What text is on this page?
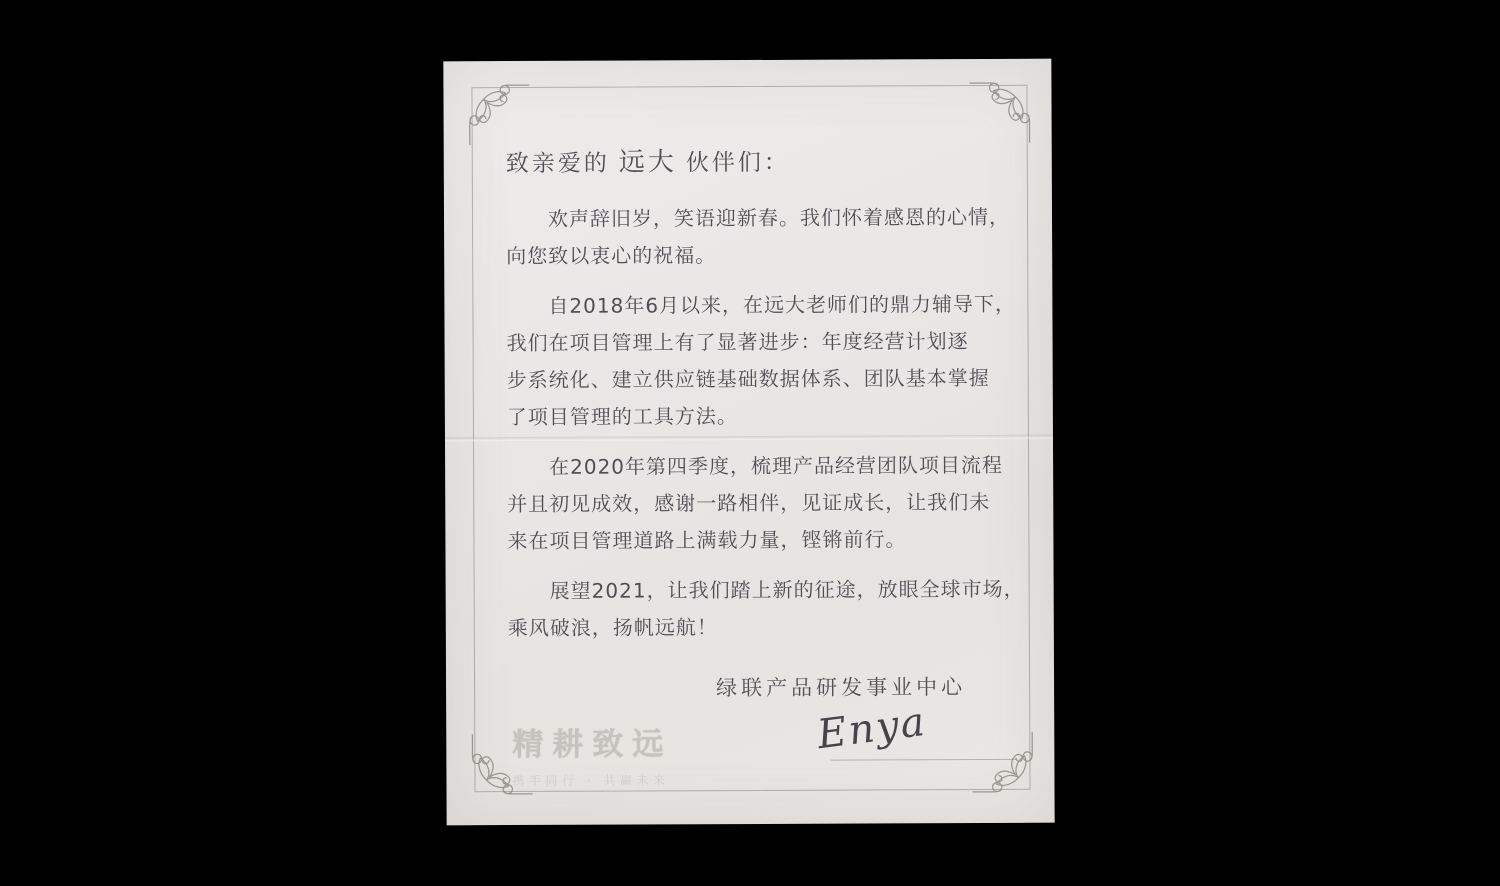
致亲爱的 远大 伙伴们：
欢声辞旧岁，笑语迎新春。我们怀着感恩的心情，
向您致以衷心的祝福。
自2018年6月以来，在远大老师们的鼎力辅导下，
我们在项目管理上有了显著进步：年度经营计划逐
步系统化、建立供应链基础数据体系、团队基本掌握
了项目管理的工具方法。
在2020年第四季度，梳理产品经营团队项目流程
并且初见成效，感谢一路相伴，见证成长，让我们未
来在项目管理道路上满载力量，铿锵前行。
展望2021，让我们踏上新的征途，放眼全球市场，
乘风破浪，扬帆远航！
绿联产品研发事业中心
Enya
精耕致远
携手同行 · 共赢未来
